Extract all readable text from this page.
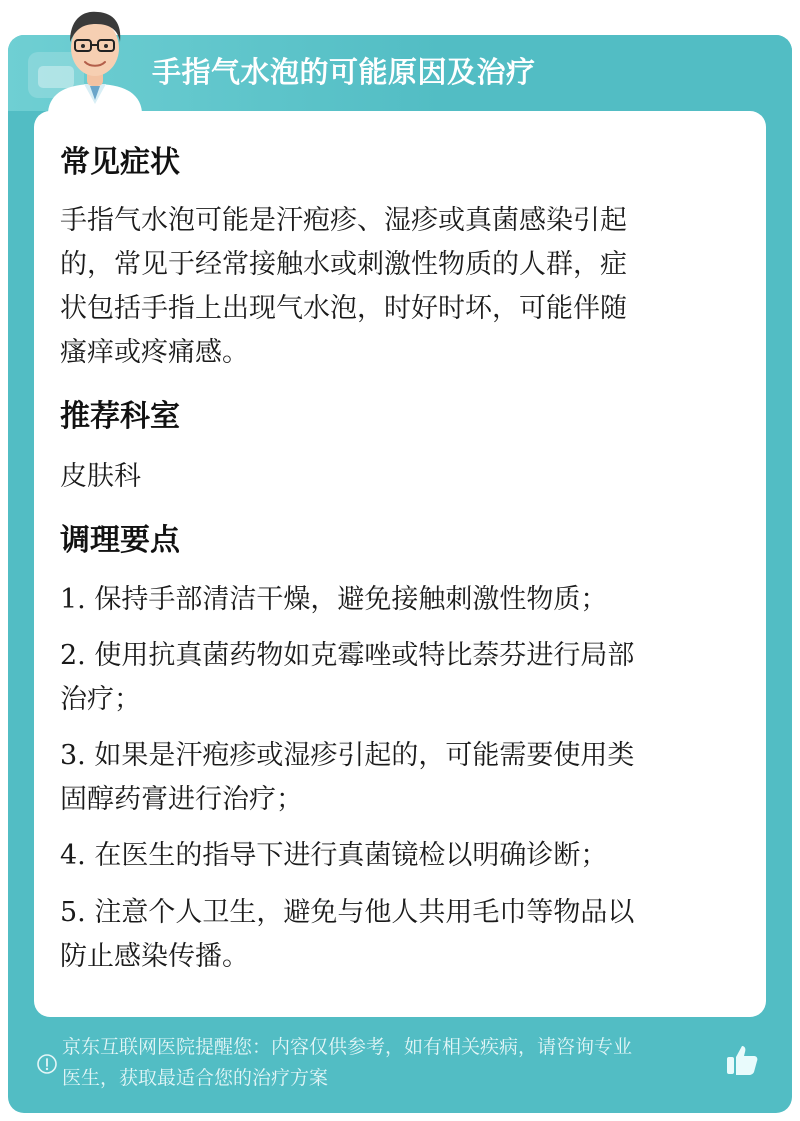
手指气水泡的可能原因及治疗
常见症状
手指气水泡可能是汗疱疹、湿疹或真菌感染引起
的，常见于经常接触水或刺激性物质的人群，症
状包括手指上出现气水泡，时好时坏，可能伴随
瘙痒或疼痛感。
推荐科室
皮肤科
调理要点
1. 保持手部清洁干燥，避免接触刺激性物质；
2. 使用抗真菌药物如克霉唑或特比萘芬进行局部
治疗；
3. 如果是汗疱疹或湿疹引起的，可能需要使用类
固醇药膏进行治疗；
4. 在医生的指导下进行真菌镜检以明确诊断；
5. 注意个人卫生，避免与他人共用毛巾等物品以
防止感染传播。
京东互联网医院提醒您：内容仅供参考，如有相关疾病，请咨询专业
医生，获取最适合您的治疗方案
